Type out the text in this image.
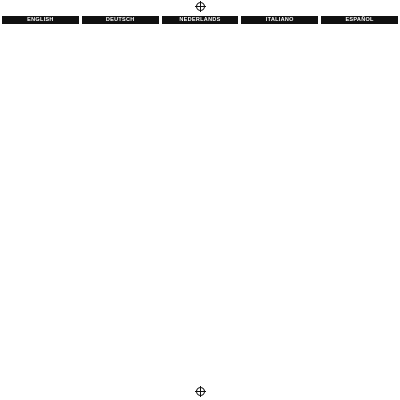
ENGLISH	DEUTSCH	NEDERLANDS	ITALIANO	ESPAÑOL
